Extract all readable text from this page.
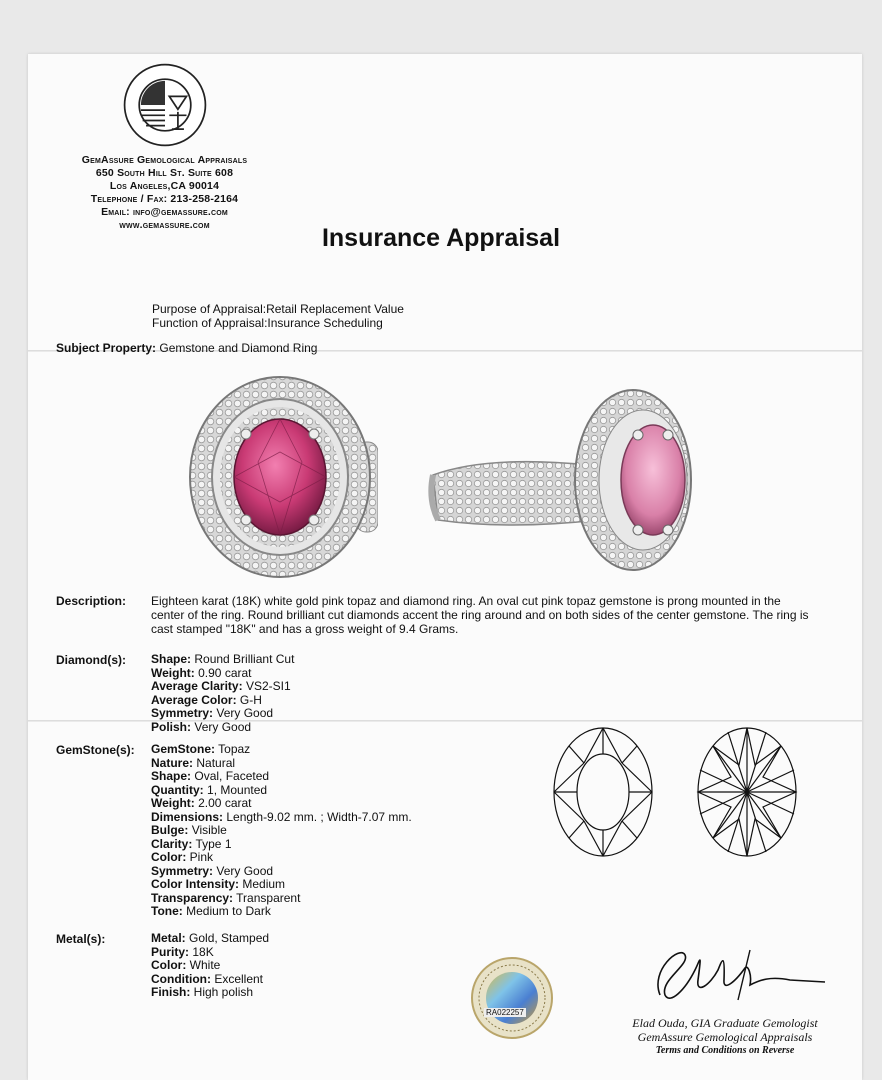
GemAssure Gemological Appraisals
650 South Hill St. Suite 608
Los Angeles,CA 90014
Telephone / Fax: 213-258-2164
Email: info@gemassure.com
www.gemassure.com	Insurance Appraisal
Purpose of Appraisal:Retail Replacement Value
Function of Appraisal:Insurance Scheduling
Subject Property: Gemstone and Diamond Ring
Description: Eighteen karat (18K) white gold pink topaz and diamond ring. An oval cut pink topaz gemstone is prong mounted in the center of the ring. Round brilliant cut diamonds accent the ring around and on both sides of the center gemstone. The ring is cast stamped "18K" and has a gross weight of 9.4 Grams.
Diamond(s): Shape: Round Brilliant Cut
Weight: 0.90 carat
Average Clarity: VS2-SI1
Average Color: G-H
Symmetry: Very Good
Polish: Very Good
GemStone(s): GemStone: Topaz
Nature: Natural
Shape: Oval, Faceted
Quantity: 1, Mounted
Weight: 2.00 carat
Dimensions: Length-9.02 mm. ; Width-7.07 mm.
Bulge: Visible
Clarity: Type 1
Color: Pink
Symmetry: Very Good
Color Intensity: Medium
Transparency: Transparent
Tone: Medium to Dark
Metal(s):	Metal: Gold, Stamped
Purity: 18K
Color: White
Condition: Excellent
Finish: High polish
RA022257
Elad Ouda, GIA Graduate Gemologist
GemAssure Gemological Appraisals
Terms and Conditions on Reverse
